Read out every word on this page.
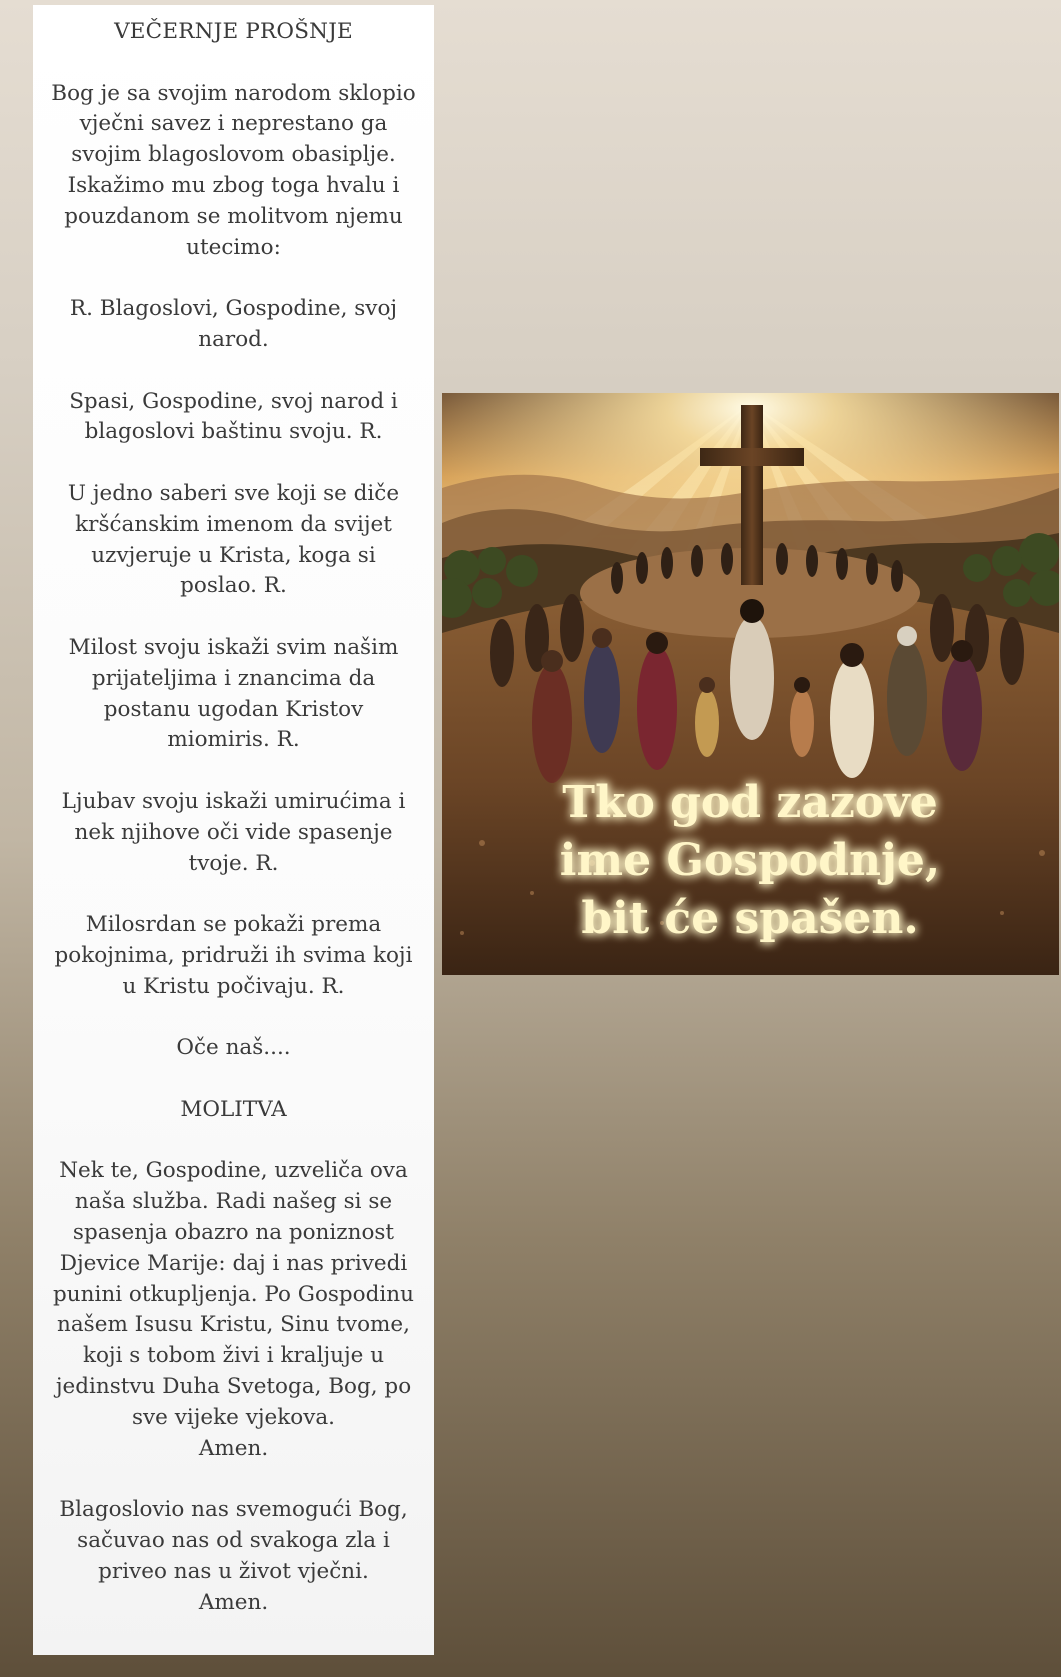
VEČERNJE PROŠNJE

Bog je sa svojim narodom sklopio vječni savez i neprestano ga svojim blagoslovom obasiplje. Iskažimo mu zbog toga hvalu i pouzdanom se molitvom njemu utecimo:

R. Blagoslovi, Gospodine, svoj narod.

Spasi, Gospodine, svoj narod i blagoslovi baštinu svoju. R.

U jedno saberi sve koji se diče kršćanskim imenom da svijet uzvjeruje u Krista, koga si poslao. R.

Milost svoju iskaži svim našim prijateljima i znancima da postanu ugodan Kristov miomiris. R.

Ljubav svoju iskaži umirućima i nek njihove oči vide spasenje tvoje. R.

Milosrdan se pokaži prema pokojnima, pridruži ih svima koji u Kristu počivaju. R.

Oče naš....

MOLITVA

Nek te, Gospodine, uzveliča ova naša služba. Radi našeg si se spasenja obazro na poniznost Djevice Marije: daj i nas privedi punini otkupljenja. Po Gospodinu našem Isusu Kristu, Sinu tvome, koji s tobom živi i kraljuje u jedinstvu Duha Svetoga, Bog, po sve vijeke vjekova.

Amen.

Blagoslovio nas svemogući Bog, sačuvao nas od svakoga zla i priveo nas u život vječni.

Amen.

Tko god zazove
ime Gospodnje,
bit će spašen.
